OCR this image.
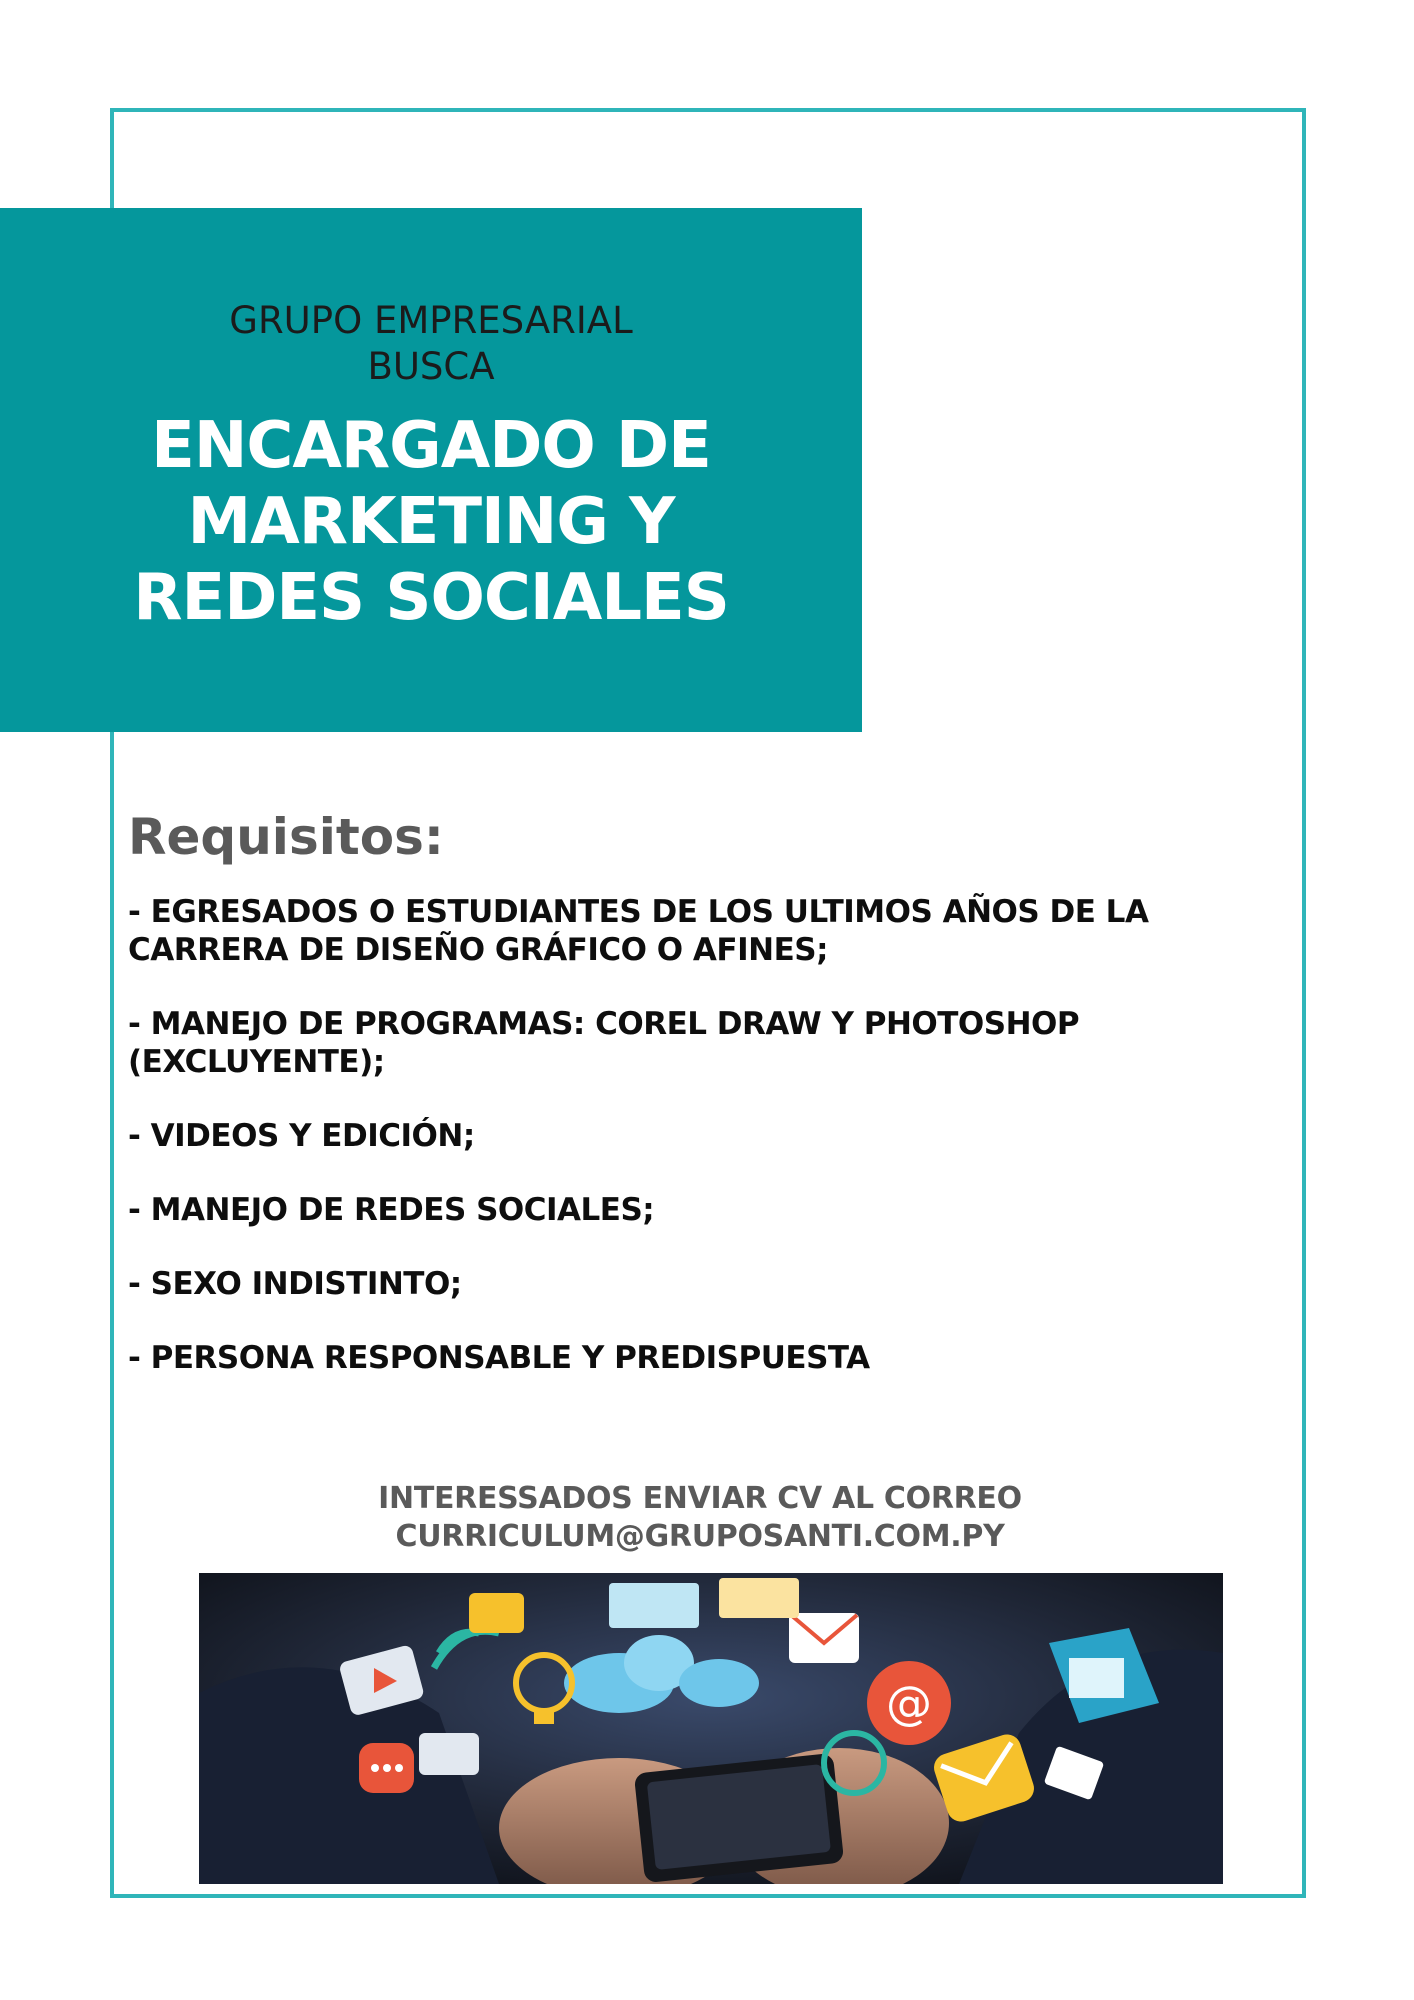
GRUPO EMPRESARIAL
BUSCA
ENCARGADO DE
MARKETING Y
REDES SOCIALES
Requisitos:
- EGRESADOS O ESTUDIANTES DE LOS ULTIMOS AÑOS DE LA
CARRERA DE DISEÑO GRÁFICO O AFINES;
- MANEJO DE PROGRAMAS: COREL DRAW Y PHOTOSHOP
(EXCLUYENTE);
- VIDEOS Y EDICIÓN;
- MANEJO DE REDES SOCIALES;
- SEXO INDISTINTO;
- PERSONA RESPONSABLE Y PREDISPUESTA
INTERESSADOS ENVIAR CV AL CORREO
CURRICULUM@GRUPOSANTI.COM.PY
@
